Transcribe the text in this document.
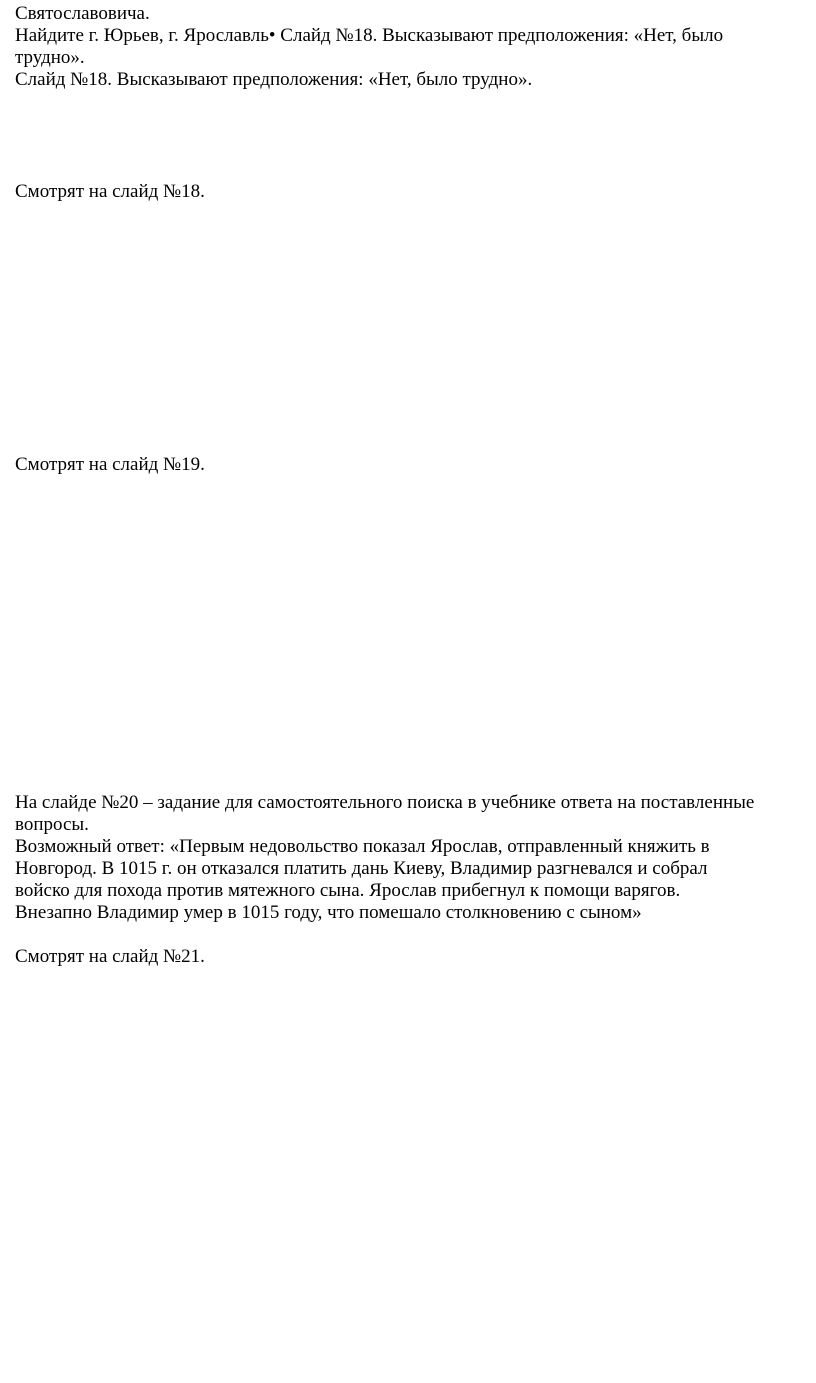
Святославовича.
Найдите г. Юрьев, г. Ярославль• Слайд №18. Высказывают предположения: «Нет, было
трудно».
Слайд №18. Высказывают предположения: «Нет, было трудно».
Смотрят на слайд №18.
Смотрят на слайд №19.
На слайде №20 – задание для самостоятельного поиска в учебнике ответа на поставленные
вопросы.
Возможный ответ: «Первым недовольство показал Ярослав, отправленный княжить в
Новгород. В 1015 г. он отказался платить дань Киеву, Владимир разгневался и собрал
войско для похода против мятежного сына. Ярослав прибегнул к помощи варягов.
Внезапно Владимир умер в 1015 году, что помешало столкновению с сыном»
Смотрят на слайд №21.
